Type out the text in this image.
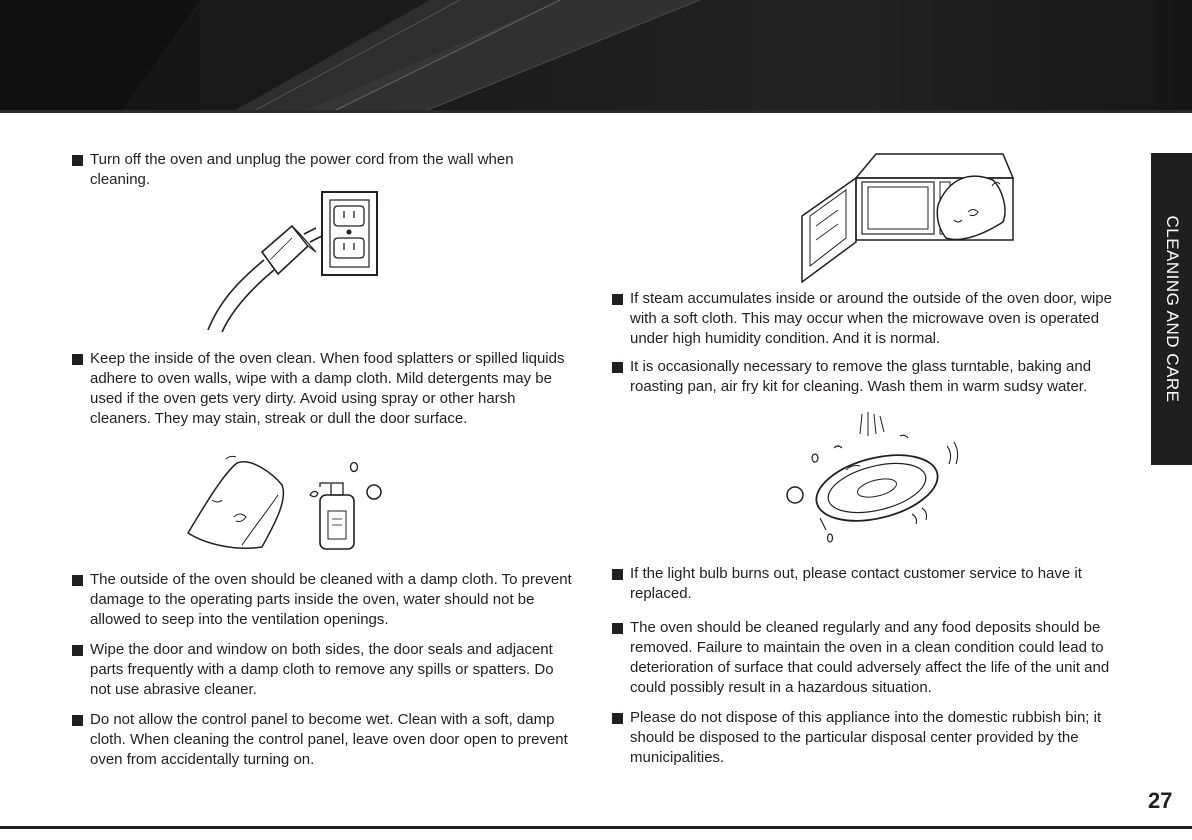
Turn off the oven and unplug the power cord from the wall when cleaning.
Keep the inside of the oven clean. When food splatters or spilled liquids adhere to oven walls, wipe with a damp cloth. Mild detergents may be used if the oven gets very dirty. Avoid using spray or other harsh cleaners. They may stain, streak or dull the door surface.
The outside of the oven should be cleaned with a damp cloth. To prevent damage to the operating parts inside the oven, water should not be allowed to seep into the ventilation openings.
Wipe the door and window on both sides, the door seals and adjacent parts frequently with a damp cloth to remove any spills or spatters. Do not use abrasive cleaner.
Do not allow the control panel to become wet. Clean with a soft, damp cloth. When cleaning the control panel, leave oven door open to prevent oven from accidentally turning on.
If steam accumulates inside or around the outside of the oven door, wipe with a soft cloth. This may occur when the microwave oven is operated under high humidity condition. And it is normal.
It is occasionally necessary to remove the glass turntable, baking and roasting pan, air fry kit for cleaning. Wash them in warm sudsy water.
If the light bulb burns out, please contact customer service to have it replaced.
The oven should be cleaned regularly and any food deposits should be removed. Failure to maintain the oven in a clean condition could lead to deterioration of surface that could adversely affect the life of the unit and could possibly result in a hazardous situation.
Please do not dispose of this appliance into the domestic rubbish bin; it should be disposed to the particular disposal center provided by the municipalities.
CLEANING AND CARE
27
